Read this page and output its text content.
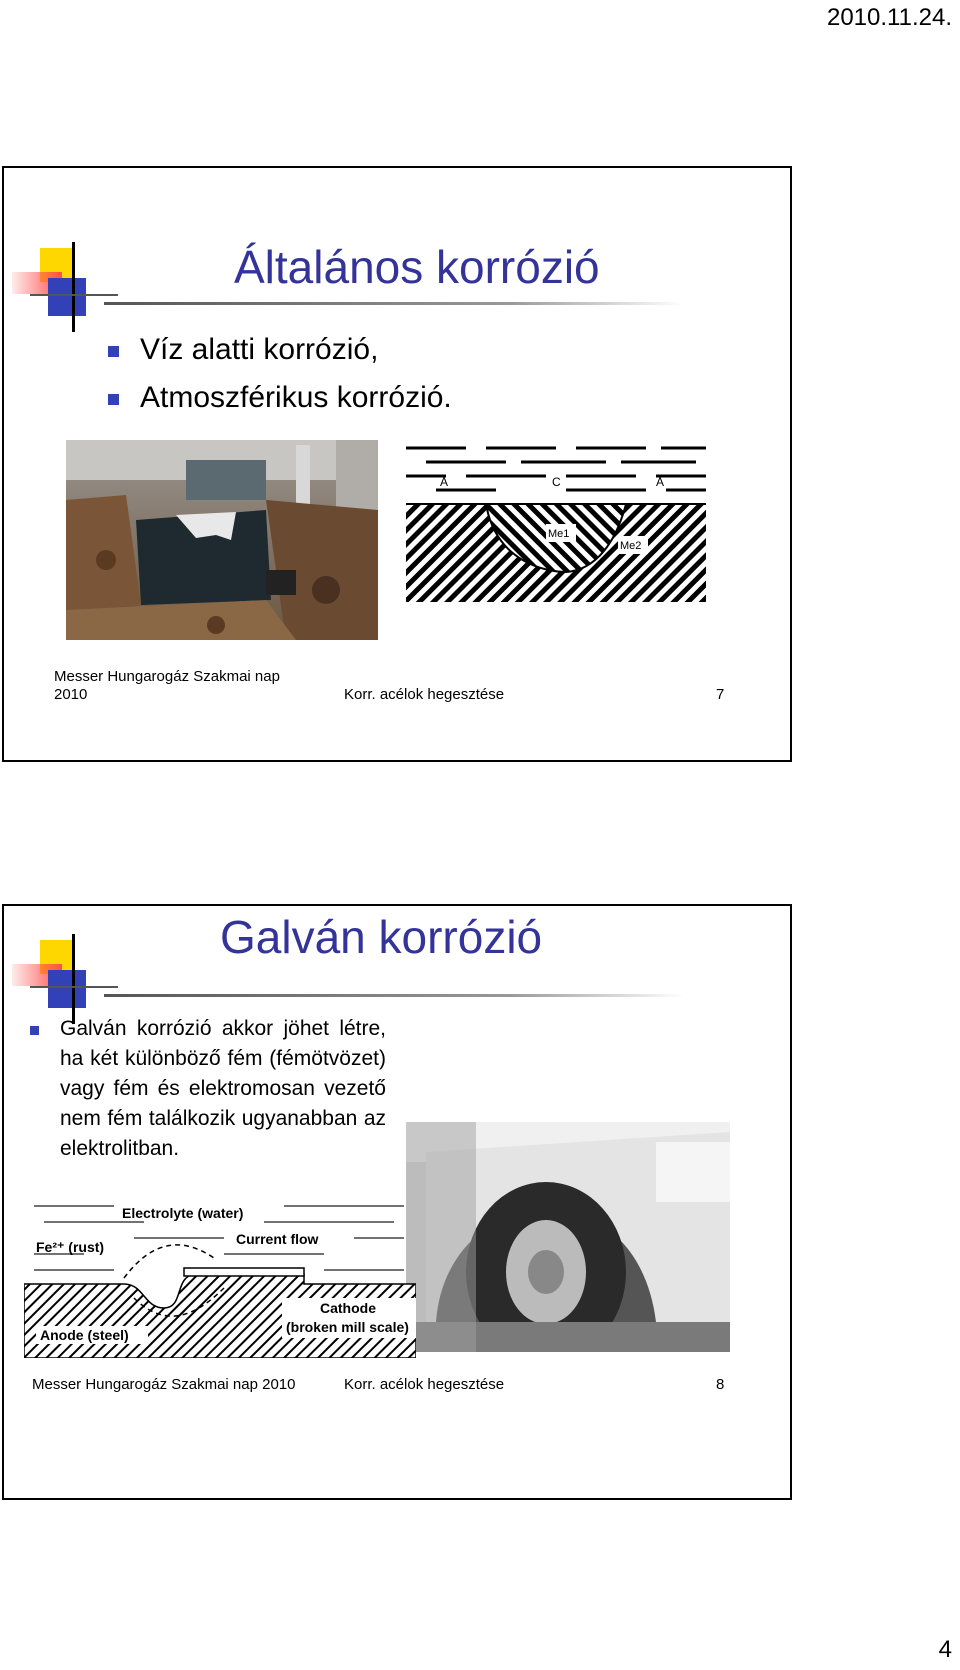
2010.11.24.
Általános korrózió
Víz alatti korrózió,
Atmoszférikus korrózió.
A	C	A
Me1
Me2
Messer Hungarogáz Szakmai nap
2010	Korr. acélok hegesztése	7
Galván korrózió
Galván korrózió akkor jöhet létre, ha két különböző fém (fémötvözet) vagy fém és elektromosan vezető nem fém találkozik ugyanabban az elektrolitban.
Electrolyte (water)
Fe²⁺ (rust)	Current flow
Anode (steel)
Cathode
(broken mill scale)
Messer Hungarogáz Szakmai nap 2010	Korr. acélok hegesztése	8
4
